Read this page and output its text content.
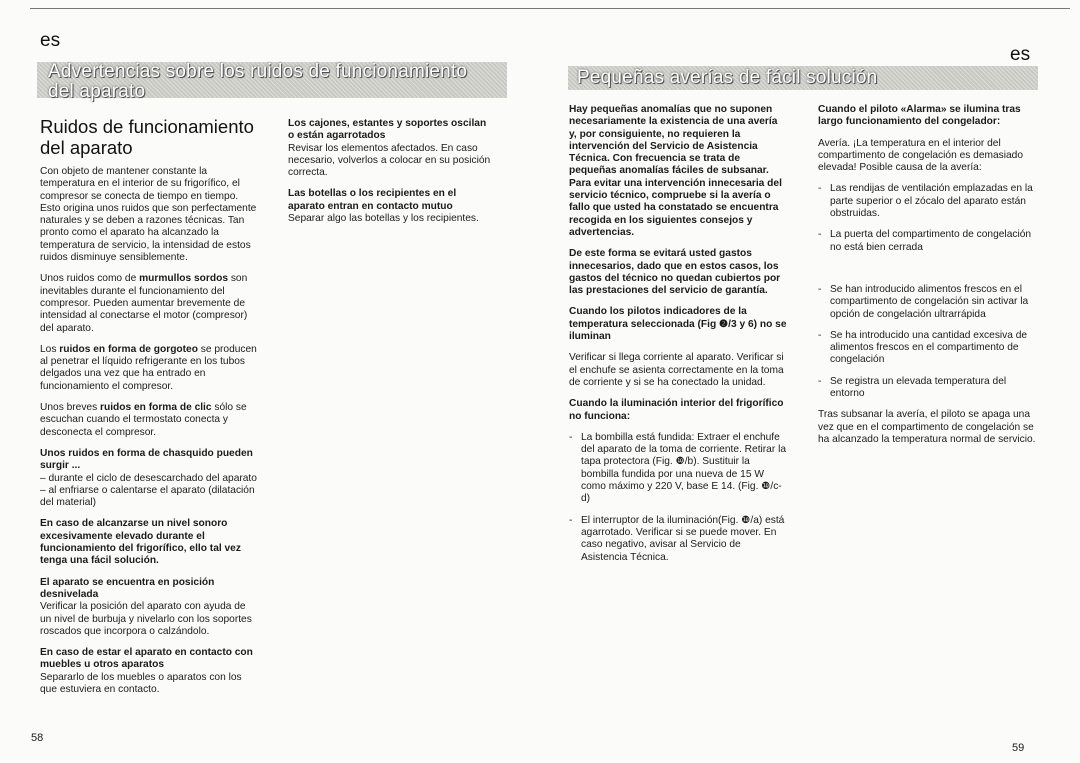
es
es
Advertencias sobre los ruidos de funcionamiento
del aparato
Pequeñas averías de fácil solución
Ruidos de funcionamiento
del aparato

Con objeto de mantener constante la temperatura en el interior de su frigorífico, el compresor se conecta de tiempo en tiempo. Esto origina unos ruidos que son perfectamente naturales y se deben a razones técnicas. Tan pronto como el aparato ha alcanzado la temperatura de servicio, la intensidad de estos ruidos disminuye sensiblemente.

Unos ruidos como de murmullos sordos son inevitables durante el funcionamiento del compresor. Pueden aumentar brevemente de intensidad al conectarse el motor (compresor) del aparato.

Los ruidos en forma de gorgoteo se producen al penetrar el líquido refrigerante en los tubos delgados una vez que ha entrado en funcionamiento el compresor.

Unos breves ruidos en forma de clic sólo se escuchan cuando el termostato conecta y desconecta el compresor.

Unos ruidos en forma de chasquido pueden surgir ...
– durante el ciclo de desescarchado del aparato
– al enfriarse o calentarse el aparato (dilatación del material)

En caso de alcanzarse un nivel sonoro excesivamente elevado durante el funcionamiento del frigorífico, ello tal vez tenga una fácil solución.

El aparato se encuentra en posición desnivelada
Verificar la posición del aparato con ayuda de un nivel de burbuja y nivelarlo con los soportes roscados que incorpora o calzándolo.

En caso de estar el aparato en contacto con muebles u otros aparatos
Separarlo de los muebles o aparatos con los que estuviera en contacto.

Los cajones, estantes y soportes oscilan o están agarrotados
Revisar los elementos afectados. En caso necesario, volverlos a colocar en su posición correcta.

Las botellas o los recipientes en el aparato entran en contacto mutuo
Separar algo las botellas y los recipientes.

Hay pequeñas anomalías que no suponen necesariamente la existencia de una avería y, por consiguiente, no requieren la intervención del Servicio de Asistencia Técnica. Con frecuencia se trata de pequeñas anomalías fáciles de subsanar. Para evitar una intervención innecesaria del servicio técnico, compruebe si la avería o fallo que usted ha constatado se encuentra recogida en los siguientes consejos y advertencias.

De este forma se evitará usted gastos innecesarios, dado que en estos casos, los gastos del técnico no quedan cubiertos por las prestaciones del servicio de garantía.

Cuando los pilotos indicadores de la temperatura seleccionada (Fig ❷/3 y 6) no se iluminan
Verificar si llega corriente al aparato. Verificar si el enchufe se asienta correctamente en la toma de corriente y si se ha conectado la unidad.

Cuando la iluminación interior del frigorífico no funciona:

- La bombilla está fundida: Extraer el enchufe del aparato de la toma de corriente. Retirar la tapa protectora (Fig. ❿/b). Sustituir la bombilla fundida por una nueva de 15 W como máximo y 220 V, base E 14. (Fig. ❿/c-d)
- El interruptor de la iluminación(Fig. ❿/a) está agarrotado. Verificar si se puede mover. En caso negativo, avisar al Servicio de Asistencia Técnica.

Cuando el piloto «Alarma» se ilumina tras largo funcionamiento del congelador:

Avería. ¡La temperatura en el interior del compartimento de congelación es demasiado elevada! Posible causa de la avería:

- Las rendijas de ventilación emplazadas en la parte superior o el zócalo del aparato están obstruidas.
- La puerta del compartimento de congelación no está bien cerrada
- Se han introducido alimentos frescos en el compartimento de congelación sin activar la opción de congelación ultrarrápida
- Se ha introducido una cantidad excesiva de alimentos frescos en el compartimento de congelación
- Se registra un elevada temperatura del entorno

Tras subsanar la avería, el piloto se apaga una vez que en el compartimento de congelación se ha alcanzado la temperatura normal de servicio.

58
59
